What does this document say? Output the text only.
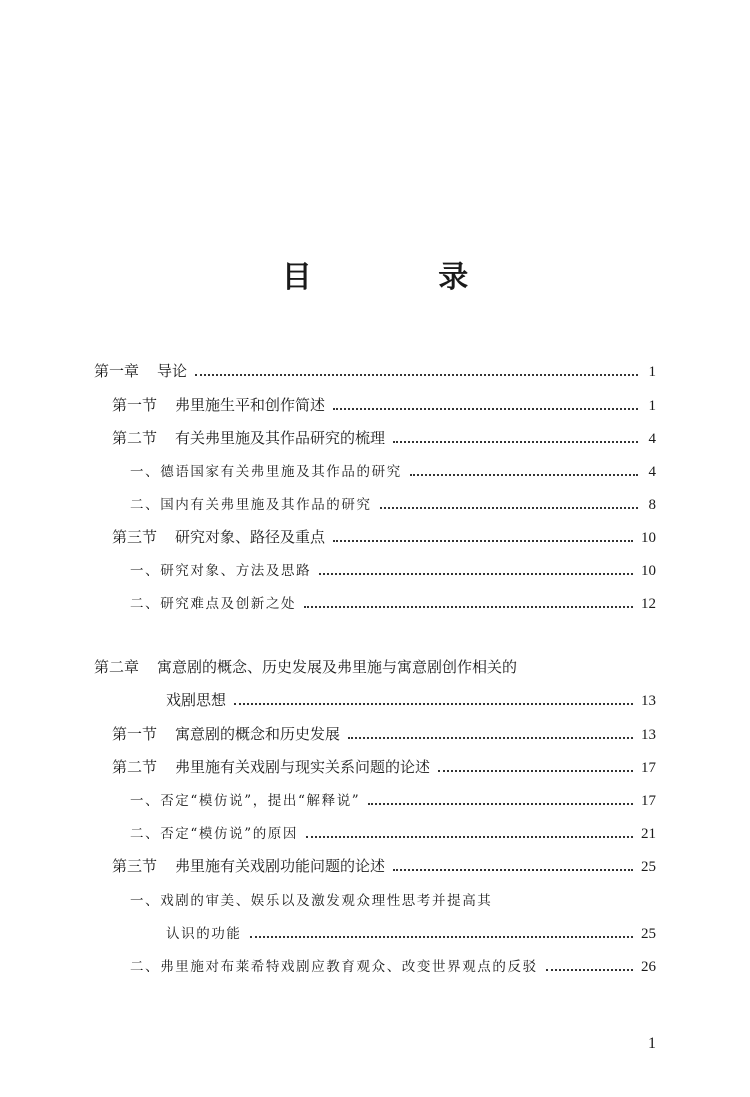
目 录
第一章 导论	1
第一节 弗里施生平和创作简述	1
第二节 有关弗里施及其作品研究的梳理	4
一、德语国家有关弗里施及其作品的研究	4
二、国内有关弗里施及其作品的研究	8
第三节 研究对象、路径及重点	10
一、研究对象、方法及思路	10
二、研究难点及创新之处	12
第二章 寓意剧的概念、历史发展及弗里施与寓意剧创作相关的
戏剧思想	13
第一节 寓意剧的概念和历史发展	13
第二节 弗里施有关戏剧与现实关系问题的论述	17
一、否定“模仿说”，提出“解释说”	17
二、否定“模仿说”的原因	21
第三节 弗里施有关戏剧功能问题的论述	25
一、戏剧的审美、娱乐以及激发观众理性思考并提高其
认识的功能	25
二、弗里施对布莱希特戏剧应教育观众、改变世界观点的反驳	26
1
